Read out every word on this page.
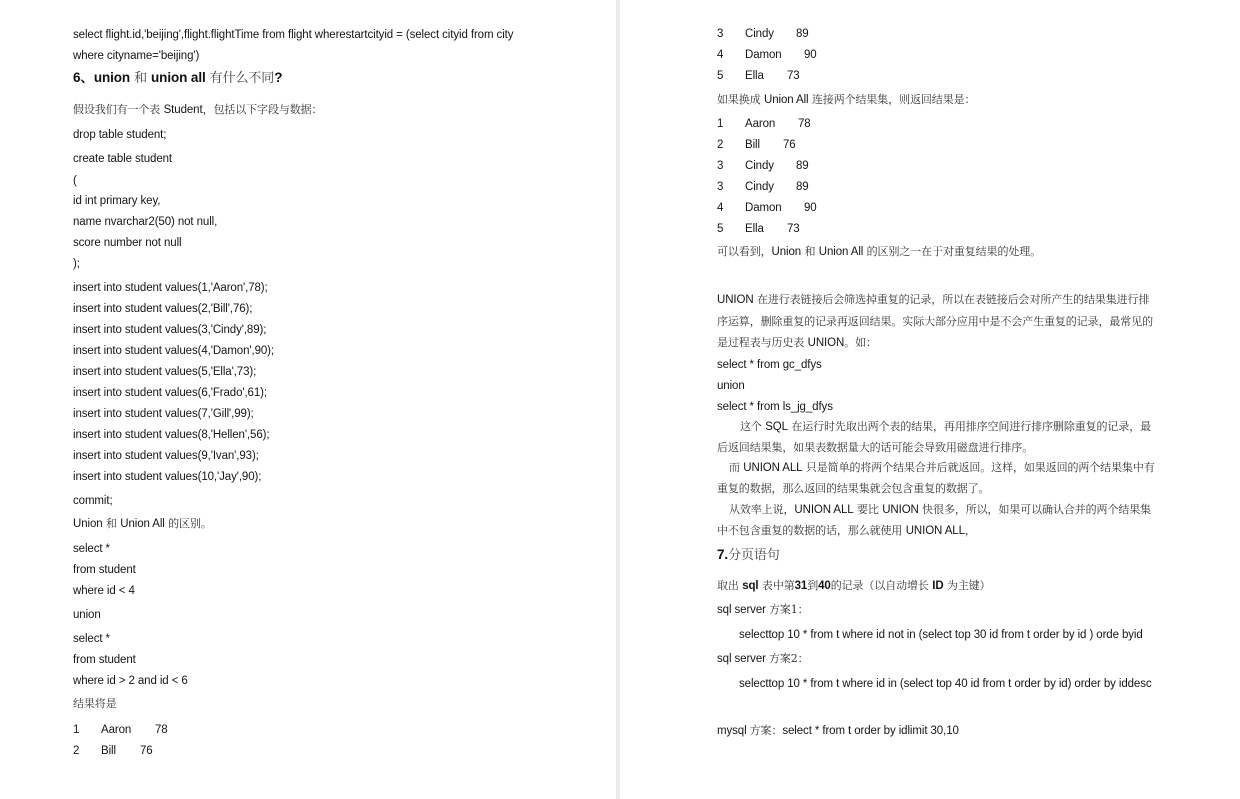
select flight.id,'beijing',flight.flightTime from flight wherestartcityid = (select cityid from city
where cityname='beijing')
6、union 和 union all 有什么不同?
假设我们有一个表 Student，包括以下字段与数据：
drop table student;
create table student
(
id int primary key,
name nvarchar2(50) not null,
score number not null
);
insert into student values(1,'Aaron',78);
insert into student values(2,'Bill',76);
insert into student values(3,'Cindy',89);
insert into student values(4,'Damon',90);
insert into student values(5,'Ella',73);
insert into student values(6,'Frado',61);
insert into student values(7,'Gill',99);
insert into student values(8,'Hellen',56);
insert into student values(9,'Ivan',93);
insert into student values(10,'Jay',90);
commit;
Union 和 Union All 的区别。
select *
from student
where id < 4
union
select *
from student
where id > 2 and id < 6
结果将是
1 Aaron 78
2 Bill 76
3 Cindy 89
4 Damon 90
5 Ella 73
如果换成 Union All 连接两个结果集，则返回结果是：
1 Aaron 78
2 Bill 76
3 Cindy 89
3 Cindy 89
4 Damon 90
5 Ella 73
可以看到，Union 和 Union All 的区别之一在于对重复结果的处理。
UNION 在进行表链接后会筛选掉重复的记录，所以在表链接后会对所产生的结果集进行排
序运算，删除重复的记录再返回结果。实际大部分应用中是不会产生重复的记录，最常见的
是过程表与历史表 UNION。如：
select * from gc_dfys
union
select * from ls_jg_dfys
这个 SQL 在运行时先取出两个表的结果，再用排序空间进行排序删除重复的记录，最
后返回结果集，如果表数据量大的话可能会导致用磁盘进行排序。
而 UNION ALL 只是简单的将两个结果合并后就返回。这样，如果返回的两个结果集中有
重复的数据，那么返回的结果集就会包含重复的数据了。
从效率上说，UNION ALL 要比 UNION 快很多，所以，如果可以确认合并的两个结果集
中不包含重复的数据的话，那么就使用 UNION ALL，
7.分页语句
取出 sql 表中第31到40的记录（以自动增长 ID 为主键）
sql server 方案1：
selecttop 10 * from t where id not in (select top 30 id from t order by id ) orde byid
sql server 方案2：
selecttop 10 * from t where id in (select top 40 id from t order by id) order by iddesc
mysql 方案：select * from t order by idlimit 30,10
